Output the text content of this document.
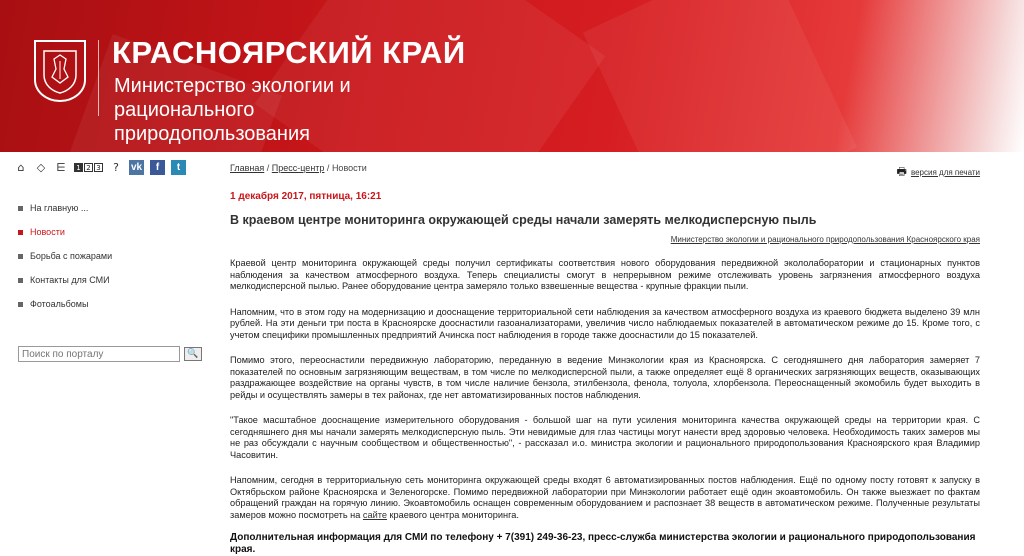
КРАСНОЯРСКИЙ КРАЙ
Министерство экологии и
рационального природопользования
⌂	◇ ⋿	1 2 3	?	vk	f	t
На главную ...
Новости
Борьба с пожарами
Контакты для СМИ
Фотоальбомы
Поиск по порталу
🔍
Главная / Пресс-центр / Новости	🖶 версия для печати
1 декабря 2017, пятница, 16:21
В краевом центре мониторинга окружающей среды начали замерять мелкодисперсную пыль
Министерство экологии и рационального природопользования Красноярского края

Краевой центр мониторинга окружающей среды получил сертификаты соответствия нового оборудования передвижной экололаборатории и стационарных пунктов наблюдения за качеством атмосферного воздуха. Теперь специалисты смогут в непрерывном режиме отслеживать уровень загрязнения атмосферного воздуха мелкодисперсной пылью. Ранее оборудование центра замеряло только взвешенные вещества - крупные фракции пыли.

Напомним, что в этом году на модернизацию и дооснащение территориальной сети наблюдения за качеством атмосферного воздуха из краевого бюджета выделено 39 млн рублей. На эти деньги три поста в Красноярске дооснастили газоанализаторами, увеличив число наблюдаемых показателей в автоматическом режиме до 15. Кроме того, с учетом специфики промышленных предприятий Ачинска пост наблюдения в городе также дооснастили до 15 показателей.

Помимо этого, переоснастили передвижную лабораторию, переданную в ведение Минэкологии края из Красноярска. С сегодняшнего дня лаборатория замеряет 7 показателей по основным загрязняющим веществам, в том числе по мелкодисперсной пыли, а также определяет ещё 8 органических загрязняющих веществ, оказывающих раздражающее воздействие на органы чувств, в том числе наличие бензола, этилбензола, фенола, толуола, хлорбензола. Переоснащенный экомобиль будет выходить в рейды и осуществлять замеры в тех районах, где нет автоматизированных постов наблюдения.

"Такое масштабное дооснащение измерительного оборудования - большой шаг на пути усиления мониторинга качества окружающей среды на территории края. С сегодняшнего дня мы начали замерять мелкодисперсную пыль. Эти невидимые для глаз частицы могут нанести вред здоровью человека. Необходимость таких замеров мы не раз обсуждали с научным сообществом и общественностью", - рассказал и.о. министра экологии и рационального природопользования Красноярского края Владимир Часовитин.

Напомним, сегодня в территориальную сеть мониторинга окружающей среды входят 6 автоматизированных постов наблюдения. Ещё по одному посту готовят к запуску в Октябрьском районе Красноярска и Зеленогорске. Помимо передвижной лаборатории при Минэкологии работает ещё один экоавтомобиль. Он также выезжает по фактам обращений граждан на горячую линию. Экоавтомобиль оснащен современным оборудованием и распознает 38 веществ в автоматическом режиме. Полученные результаты замеров можно посмотреть на сайте краевого центра мониторинга.

Дополнительная информация для СМИ по телефону + 7(391) 249-36-23, пресс-служба министерства экологии и рационального природопользования края.
